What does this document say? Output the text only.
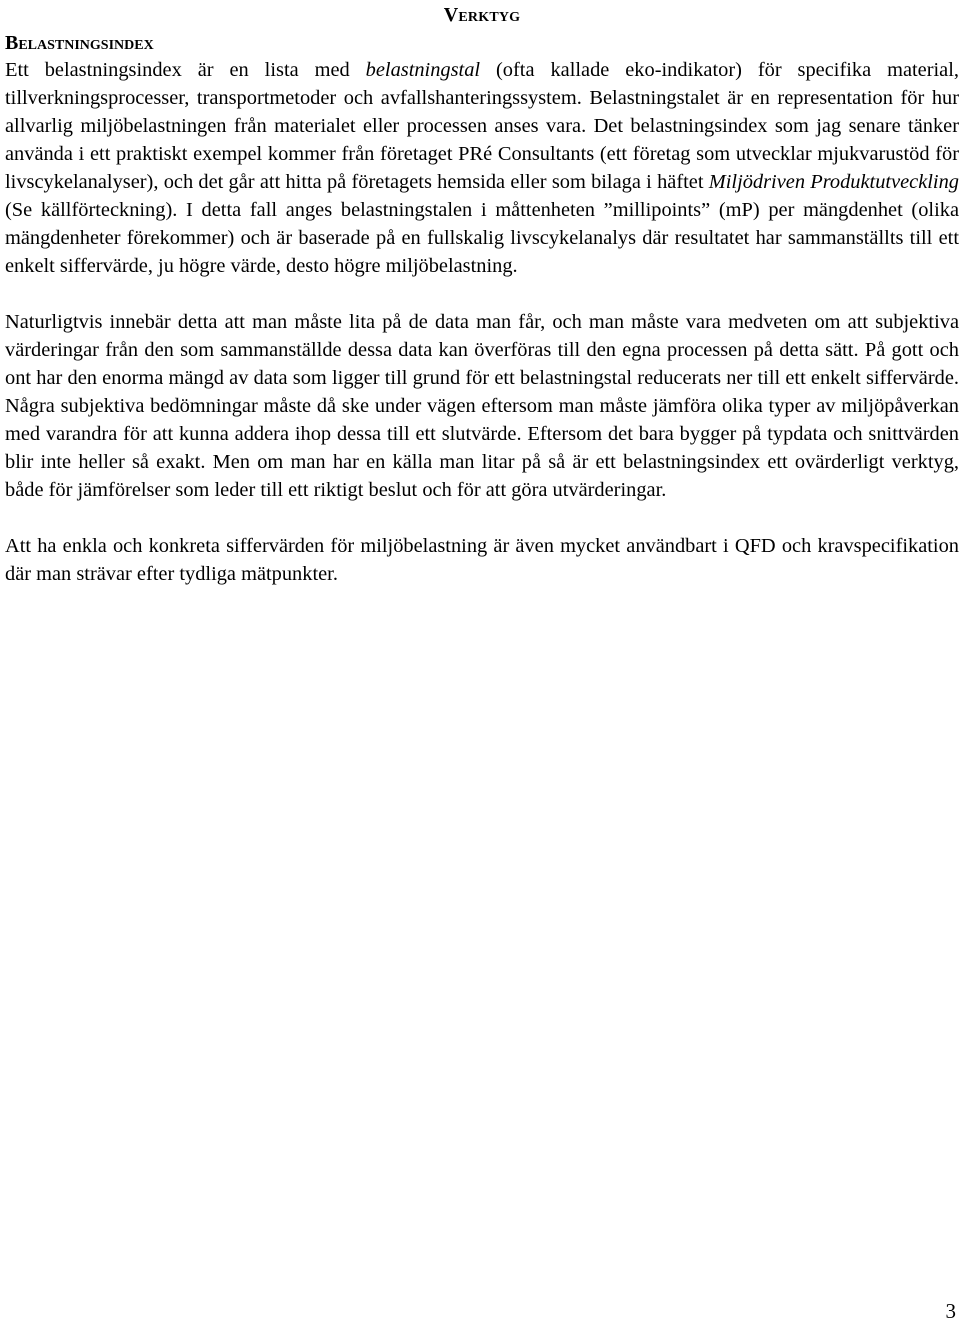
Verktyg
Belastningsindex

Ett belastningsindex är en lista med belastningstal (ofta kallade eko-indikator) för specifika material, tillverkningsprocesser, transportmetoder och avfallshanteringssystem. Belastningstalet är en representation för hur allvarlig miljöbelastningen från materialet eller processen anses vara. Det belastningsindex som jag senare tänker använda i ett praktiskt exempel kommer från företaget PRé Consultants (ett företag som utvecklar mjukvarustöd för livscykelanalyser), och det går att hitta på företagets hemsida eller som bilaga i häftet Miljödriven Produktutveckling (Se källförteckning). I detta fall anges belastningstalen i måttenheten ”millipoints” (mP) per mängdenhet (olika mängdenheter förekommer) och är baserade på en fullskalig livscykelanalys där resultatet har sammanställts till ett enkelt siffervärde, ju högre värde, desto högre miljöbelastning.

Naturligtvis innebär detta att man måste lita på de data man får, och man måste vara medveten om att subjektiva värderingar från den som sammanställde dessa data kan överföras till den egna processen på detta sätt. På gott och ont har den enorma mängd av data som ligger till grund för ett belastningstal reducerats ner till ett enkelt siffervärde. Några subjektiva bedömningar måste då ske under vägen eftersom man måste jämföra olika typer av miljöpåverkan med varandra för att kunna addera ihop dessa till ett slutvärde. Eftersom det bara bygger på typdata och snittvärden blir inte heller så exakt. Men om man har en källa man litar på så är ett belastningsindex ett ovärderligt verktyg, både för jämförelser som leder till ett riktigt beslut och för att göra utvärderingar.

Att ha enkla och konkreta siffervärden för miljöbelastning är även mycket användbart i QFD och kravspecifikation där man strävar efter tydliga mätpunkter.

3
